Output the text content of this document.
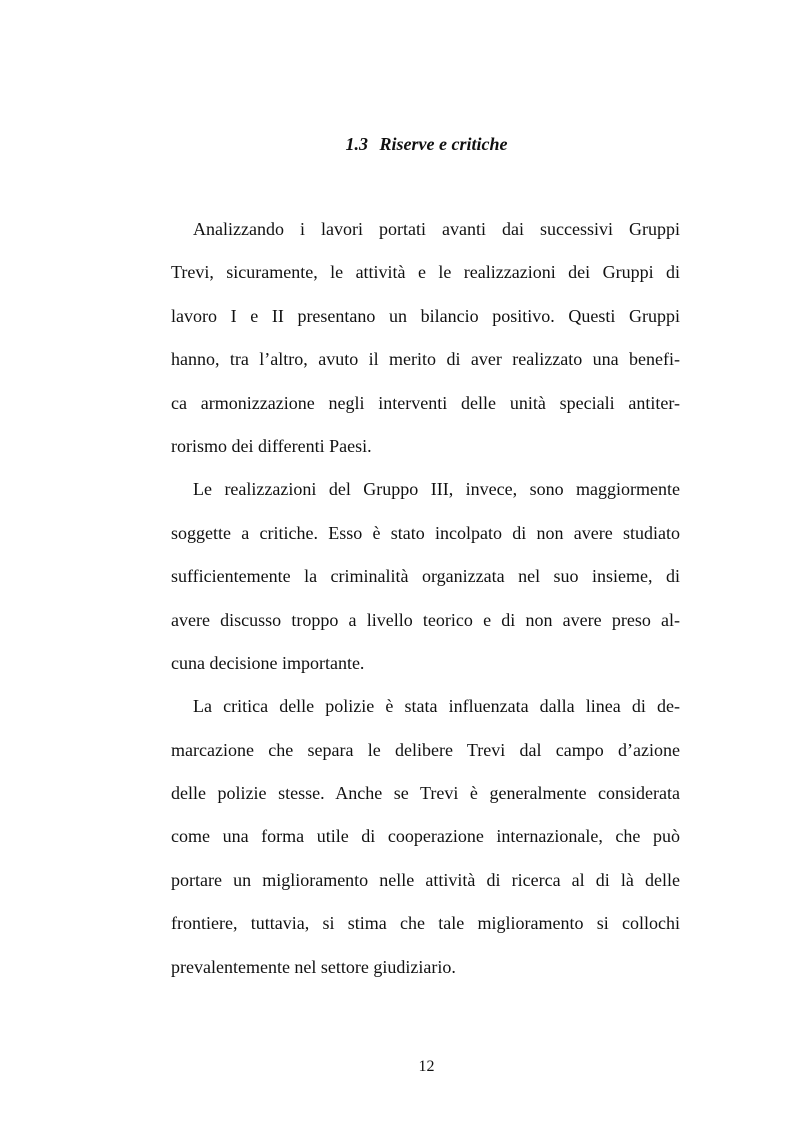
1.3 Riserve e critiche

Analizzando i lavori portati avanti dai successivi Gruppi
Trevi, sicuramente, le attività e le realizzazioni dei Gruppi di
lavoro I e II presentano un bilancio positivo. Questi Gruppi
hanno, tra l’altro, avuto il merito di aver realizzato una benefi-
ca armonizzazione negli interventi delle unità speciali antiter-
rorismo dei differenti Paesi.

Le realizzazioni del Gruppo III, invece, sono maggiormente
soggette a critiche. Esso è stato incolpato di non avere studiato
sufficientemente la criminalità organizzata nel suo insieme, di
avere discusso troppo a livello teorico e di non avere preso al-
cuna decisione importante.

La critica delle polizie è stata influenzata dalla linea di de-
marcazione che separa le delibere Trevi dal campo d’azione
delle polizie stesse. Anche se Trevi è generalmente considerata
come una forma utile di cooperazione internazionale, che può
portare un miglioramento nelle attività di ricerca al di là delle
frontiere, tuttavia, si stima che tale miglioramento si collochi
prevalentemente nel settore giudiziario.

12
